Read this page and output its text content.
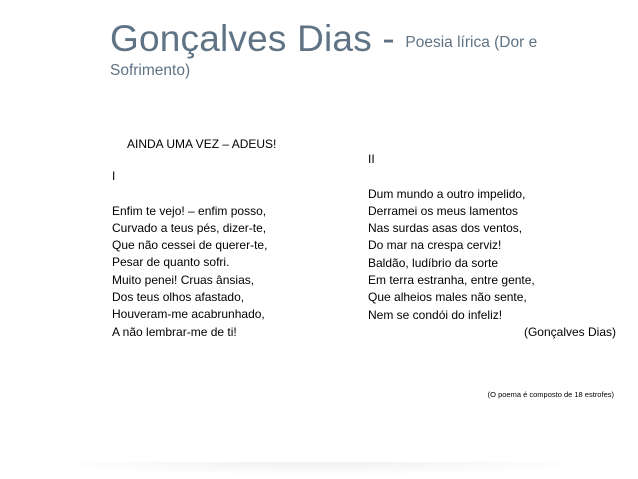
Gonçalves Dias - Poesia lírica (Dor e
Sofrimento)
AINDA UMA VEZ – ADEUS!
I
Enfim te vejo! – enfim posso,
Curvado a teus pés, dizer-te,
Que não cessei de querer-te,
Pesar de quanto sofri.
Muito penei! Cruas ânsias,
Dos teus olhos afastado,
Houveram-me acabrunhado,
A não lembrar-me de ti!
II
Dum mundo a outro impelido,
Derramei os meus lamentos
Nas surdas asas dos ventos,
Do mar na crespa cerviz!
Baldão, ludíbrio da sorte
Em terra estranha, entre gente,
Que alheios males não sente,
Nem se condói do infeliz!
(Gonçalves Dias)
(O poema é composto de 18 estrofes)
